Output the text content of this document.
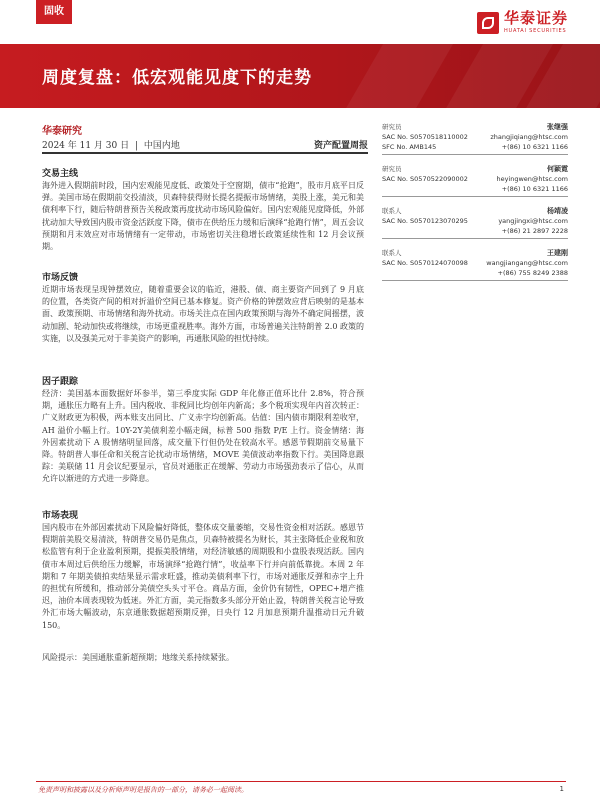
固收	华泰证券
HUATAI SECURITIES
周度复盘：低宏观能见度下的走势
华泰研究
2024 年 11 月 30 日 | 中国内地	资产配置周报
交易主线

海外进入假期前时段，国内宏观能见度低、政策处于空窗期，债市“抢跑”，股市月底平日反弹。美国市场在假期前交投清淡，贝森特获得财长提名提振市场情绪，美股上涨，美元和美债利率下行，随后特朗普预告关税政策再度扰动市场风险偏好。国内宏观能见度降低，外部扰动加大导致国内股市资金活跃度下降，债市在供给压力缓和后演绎“抢跑行情”，周五会议预期和月末效应对市场情绪有一定带动，市场密切关注稳增长政策延续性和 12 月会议预期。

市场反馈

近期市场表现呈现钟摆效应，随着重要会议的临近，港股、债、商主要资产回到了 9 月底的位置，各类资产间的相对折溢价空间已基本修复。资产价格的钟摆效应背后映射的是基本面、政策预期、市场情绪和海外扰动。市场关注点在国内政策预期与海外不确定间摇摆，波动加剧、轮动加快或将继续，市场更重视胜率。海外方面，市场普遍关注特朗普 2.0 政策的实施，以及强美元对于非美资产的影响，再通胀风险的担忧持续。

因子跟踪

经济：美国基本面数据好坏参半，第三季度实际 GDP 年化修正值环比什 2.8%，符合预期，通胀压力略有上升。国内税收、非税同比均创年内新高；多个税项实现年内首次转正：广义财政更为积极，两本账支出同比、广义赤字均创新高。估值：国内债市期限利差收窄，AH 溢价小幅上行。10Y-2Y美债利差小幅走阔，标普 500 指数 P/E 上行。资金情绪：海外因素扰动下 A 股情绪明显回落，成交量下行但仍处在较高水平。感恩节假期前交易量下降。特朗普人事任命和关税言论扰动市场情绪，MOVE 美债波动率指数下行。美国降息跟踪：美联储 11 月会议纪要显示，官员对通胀正在缓解、劳动力市场强劲表示了信心，从而允许以渐进的方式进一步降息。

市场表现

国内股市在外部因素扰动下风险偏好降低，整体成交量萎缩，交易性资金相对活跃。感恩节假期前美股交易清淡，特朗普交易仍是焦点，贝森特被提名为财长，其主张降低企业税和放松监管有利于企业盈利预期，提振美股情绪，对经济敏感的周期股和小盘股表现活跃。国内债市本周过后供给压力缓解，市场演绎“抢跑行情”，收益率下行并向前低靠拢。本周 2 年期和 7 年期美债拍卖结果显示需求旺盛，推动美债利率下行，市场对通胀反弹和赤字上升的担忧有所缓和，推动部分美债空头头寸平仓。商品方面，金价仍有韧性，OPEC+增产推迟，油价本周表现较为低迷。外汇方面，美元指数多头部分开始止盈，特朗普关税言论导致外汇市场大幅波动，东京通胀数据超预期反弹，日央行 12 月加息预期升温推动日元升破 150。

风险提示：美国通胀重新超预期；地缘关系持续紧张。

研究员	张继强
SAC No. S0570518110002	zhangjiqiang@htsc.com
SFC No. AMB145	+(86) 10 6321 1166
研究员	何颖霓
SAC No. S0570522090002	heyingwen@htsc.com
+(86) 10 6321 1166
联系人	杨靖凌
SAC No. S0570123070295	yangjingxi@htsc.com
+(86) 21 2897 2228
联系人	王建刚
SAC No. S0570124070098	wangjiangang@htsc.com
+(86) 755 8249 2388
免责声明和披露以及分析师声明是报告的一部分，请务必一起阅读。	1
